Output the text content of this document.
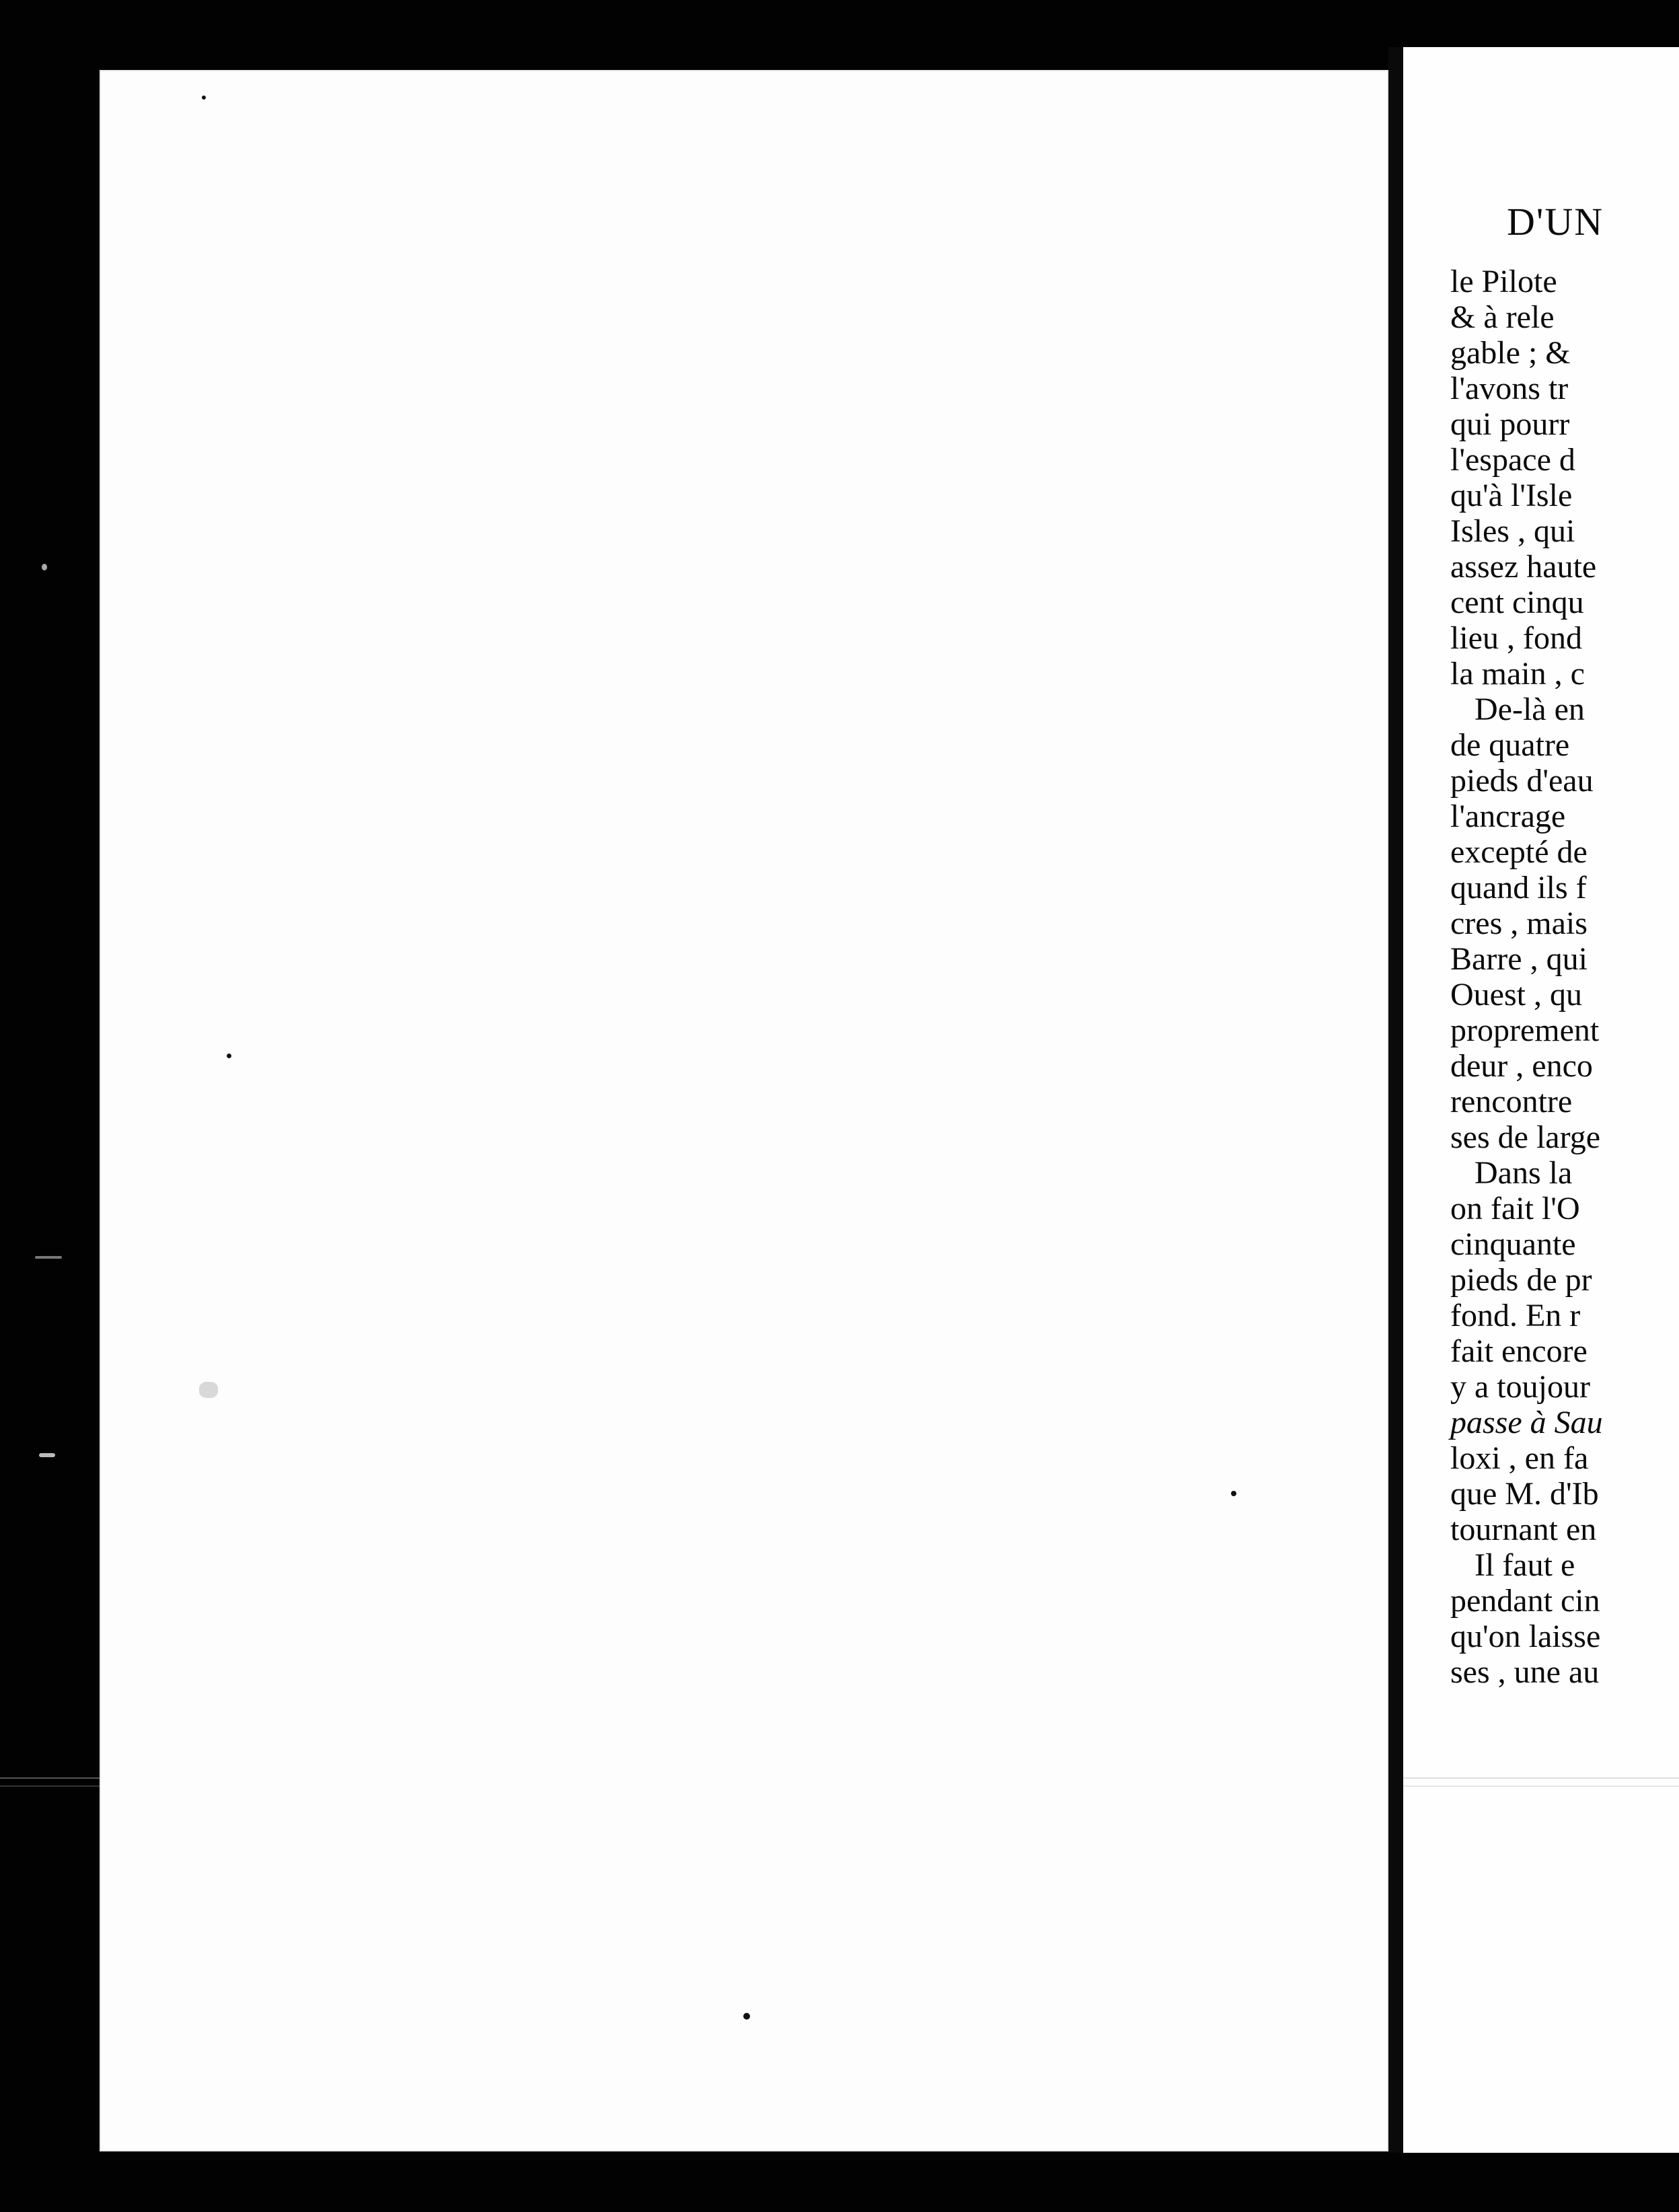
D'UN
le Pilote
& à rele
gable ; &
l'avons tr
qui pourr
l'espace d
qu'à l'Isle
Isles , qui
assez haute
cent cinqu
lieu , fond
la main , c
De-là en
de quatre
pieds d'eau
l'ancrage
excepté de
quand ils f
cres , mais
Barre , qui
Ouest , qu
proprement
deur , enco
rencontre
ses de large
Dans la
on fait l'O
cinquante
pieds de pr
fond. En r
fait encore
y a toujour
passe à Sau
loxi , en fa
que M. d'Ib
tournant en
Il faut e
pendant cin
qu'on laisse
ses , une au
